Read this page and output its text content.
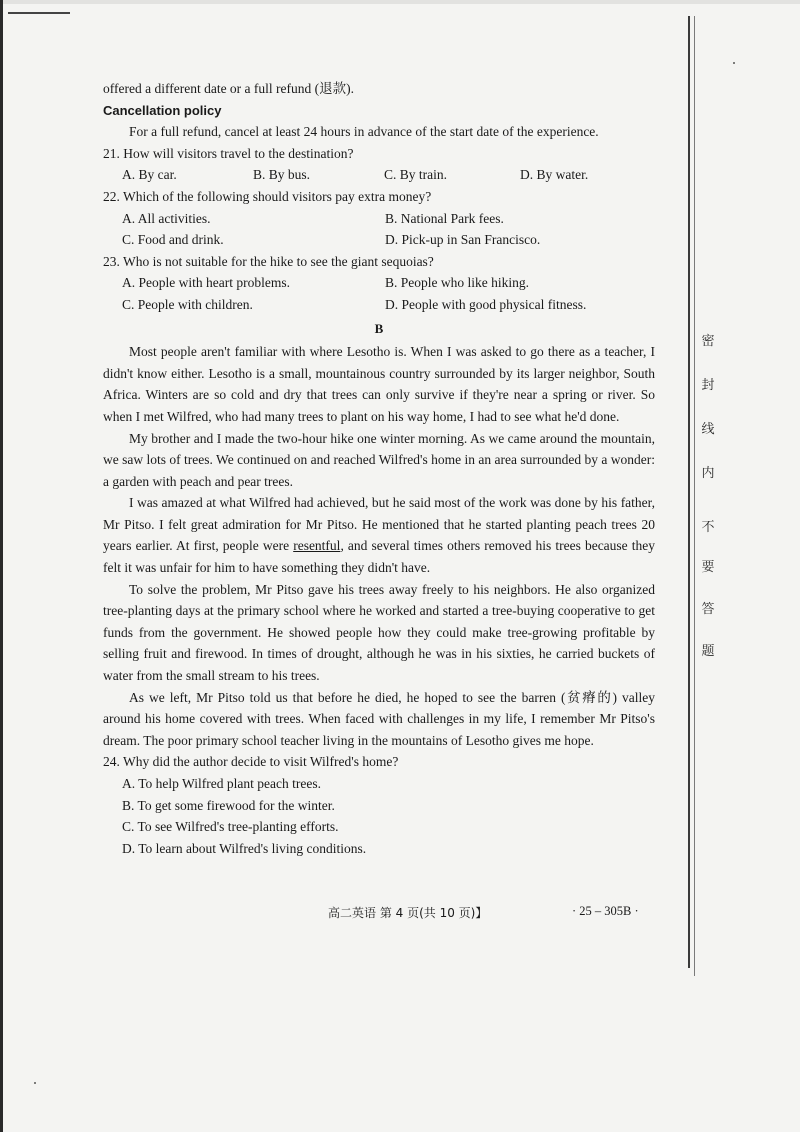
密
封
线
内
不
要
答
题
offered a different date or a full refund (退款).
Cancellation policy
For a full refund, cancel at least 24 hours in advance of the start date of the experience.
21. How will visitors travel to the destination?
A. By car.	B. By bus.	C. By train.	D. By water.
22. Which of the following should visitors pay extra money?
A. All activities.	B. National Park fees.
C. Food and drink.	D. Pick-up in San Francisco.
23. Who is not suitable for the hike to see the giant sequoias?
A. People with heart problems.	B. People who like hiking.
C. People with children.	D. People with good physical fitness.
B
Most people aren't familiar with where Lesotho is. When I was asked to go there as a teacher, I didn't know either. Lesotho is a small, mountainous country surrounded by its larger neighbor, South Africa. Winters are so cold and dry that trees can only survive if they're near a spring or river. So when I met Wilfred, who had many trees to plant on his way home, I had to see what he'd done.
My brother and I made the two-hour hike one winter morning. As we came around the mountain, we saw lots of trees. We continued on and reached Wilfred's home in an area surrounded by a wonder: a garden with peach and pear trees.
I was amazed at what Wilfred had achieved, but he said most of the work was done by his father, Mr Pitso. I felt great admiration for Mr Pitso. He mentioned that he started planting peach trees 20 years earlier. At first, people were resentful, and several times others removed his trees because they felt it was unfair for him to have something they didn't have.
To solve the problem, Mr Pitso gave his trees away freely to his neighbors. He also organized tree-planting days at the primary school where he worked and started a tree-buying cooperative to get funds from the government. He showed people how they could make tree-growing profitable by selling fruit and firewood. In times of drought, although he was in his sixties, he carried buckets of water from the small stream to his trees.
As we left, Mr Pitso told us that before he died, he hoped to see the barren (贫瘠的) valley around his home covered with trees. When faced with challenges in my life, I remember Mr Pitso's dream. The poor primary school teacher living in the mountains of Lesotho gives me hope.
24. Why did the author decide to visit Wilfred's home?
A. To help Wilfred plant peach trees.
B. To get some firewood for the winter.
C. To see Wilfred's tree-planting efforts.
D. To learn about Wilfred's living conditions.
高二英语 第 4 页(共 10 页)】	· 25 – 305B ·
